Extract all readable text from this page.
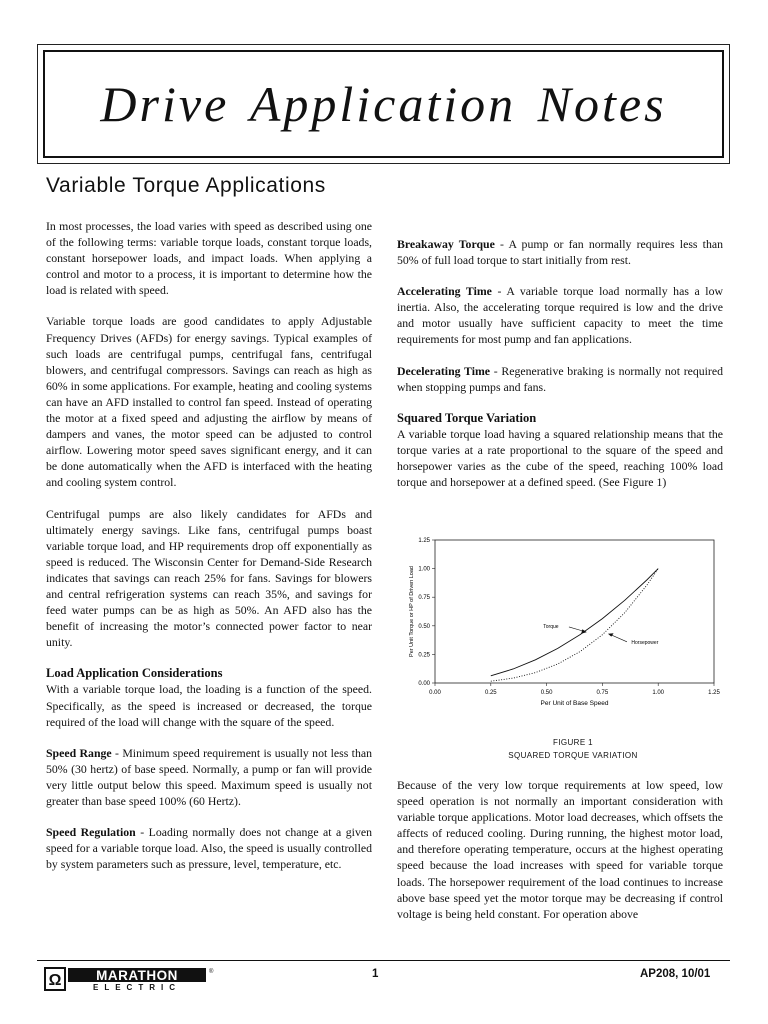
Drive Application Notes
Variable Torque Applications

In most processes, the load varies with speed as described using one of the following terms: variable torque loads, constant torque loads, constant horsepower loads, and impact loads. When applying a control and motor to a process, it is important to determine how the load is related with speed.

Variable torque loads are good candidates to apply Adjustable Frequency Drives (AFDs) for energy savings. Typical examples of such loads are centrifugal pumps, centrifugal fans, centrifugal blowers, and centrifugal compressors. Savings can reach as high as 60% in some applications. For example, heating and cooling systems can have an AFD installed to control fan speed. Instead of operating the motor at a fixed speed and adjusting the airflow by means of dampers and vanes, the motor speed can be adjusted to control airflow. Lowering motor speed saves significant energy, and it can be done automatically when the AFD is interfaced with the heating and cooling system control.

Centrifugal pumps are also likely candidates for AFDs and ultimately energy savings. Like fans, centrifugal pumps boast variable torque load, and HP requirements drop off exponentially as speed is reduced. The Wisconsin Center for Demand-Side Research indicates that savings can reach 25% for fans. Savings for blowers and central refrigeration systems can reach 35%, and savings for feed water pumps can be as high as 50%. An AFD also has the benefit of increasing the motor’s connected power factor to near unity.

Load Application Considerations

With a variable torque load, the loading is a function of the speed. Specifically, as the speed is increased or decreased, the torque required of the load will change with the square of the speed.

Speed Range - Minimum speed requirement is usually not less than 50% (30 hertz) of base speed. Normally, a pump or fan will provide very little output below this speed. Maximum speed is usually not greater than base speed 100% (60 Hertz).

Speed Regulation - Loading normally does not change at a given speed for a variable torque load. Also, the speed is usually controlled by system parameters such as pressure, level, temperature, etc.

Breakaway Torque - A pump or fan normally requires less than 50% of full load torque to start initially from rest.

Accelerating Time - A variable torque load normally has a low inertia. Also, the accelerating torque required is low and the drive and motor usually have sufficient capacity to meet the time requirements for most pump and fan applications.

Decelerating Time - Regenerative braking is normally not required when stopping pumps and fans.

Squared Torque Variation
A variable torque load having a squared relationship means that the torque varies at a rate proportional to the square of the speed and horsepower varies as the cube of the speed, reaching 100% load torque and horsepower at a defined speed. (See Figure 1)
0.00	0.25	0.50	0.75	1.00	1.25
0.00
0.25
0.50
0.75
1.00
1.25
Per Unit of Base Speed
Per Unit Torque or HP of Driven Load	Torque
Horsepower
FIGURE 1
SQUARED TORQUE VARIATION
Because of the very low torque requirements at low speed, low speed operation is not normally an important consideration with variable torque applications. Motor load decreases, which offsets the affects of reduced cooling. During running, the highest motor load, and therefore operating temperature, occurs at the highest operating speed because the load increases with speed for variable torque loads. The horsepower requirement of the load continues to increase above base speed yet the motor torque may be decreasing if control voltage is being held constant. For operation above
Ω	MARATHON	®
ELECTRIC
1	AP208, 10/01
